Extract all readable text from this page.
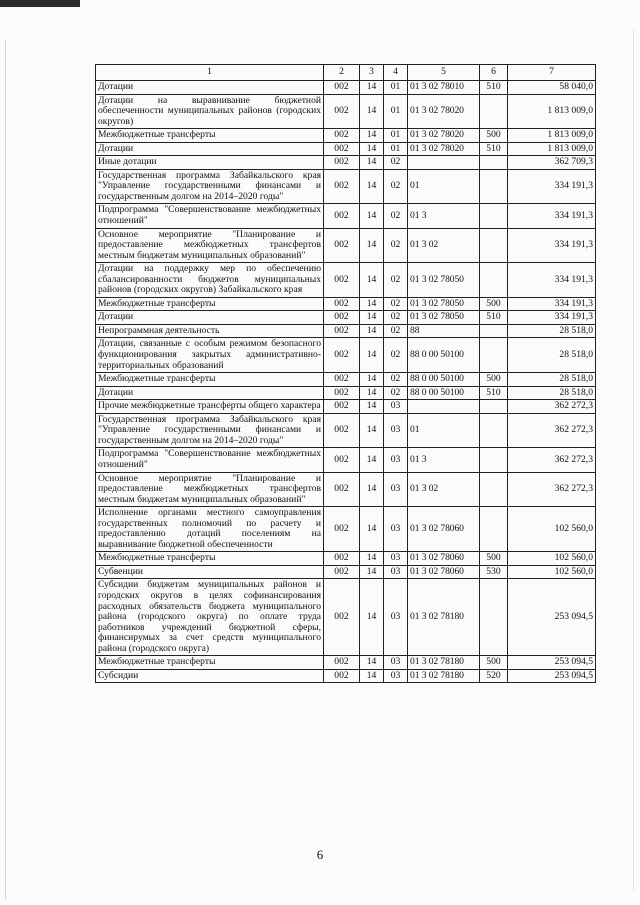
1	2	3	4	5	6	7
Дотации	002	14	01	01 3 02 78010	510	58 040,0
Дотации на выравнивание бюджетной обеспеченности муниципальных районов (городских округов)	002	14	01	01 3 02 78020		1 813 009,0
Межбюджетные трансферты	002	14	01	01 3 02 78020	500	1 813 009,0
Дотации	002	14	01	01 3 02 78020	510	1 813 009,0
Иные дотации	002	14	02			362 709,3
Государственная программа Забайкальского края "Управление государственными финансами и государственным долгом на 2014–2020 годы"	002	14	02	01		334 191,3
Подпрограмма "Совершенствование межбюджетных отношений"	002	14	02	01 3		334 191,3
Основное мероприятие "Планирование и предоставление межбюджетных трансфертов местным бюджетам муниципальных образований"	002	14	02	01 3 02		334 191,3
Дотации на поддержку мер по обеспечению сбалансированности бюджетов муниципальных районов (городских округов) Забайкальского края	002	14	02	01 3 02 78050		334 191,3
Межбюджетные трансферты	002	14	02	01 3 02 78050	500	334 191,3
Дотации	002	14	02	01 3 02 78050	510	334 191,3
Непрограммная деятельность	002	14	02	88		28 518,0
Дотации, связанные с особым режимом безопасного функционирования закрытых административно-территориальных образований	002	14	02	88 0 00 50100		28 518,0
Межбюджетные трансферты	002	14	02	88 0 00 50100	500	28 518,0
Дотации	002	14	02	88 0 00 50100	510	28 518,0
Прочие межбюджетные трансферты общего характера	002	14	03			362 272,3
Государственная программа Забайкальского края "Управление государственными финансами и государственным долгом на 2014–2020 годы"	002	14	03	01		362 272,3
Подпрограмма "Совершенствование межбюджетных отношений"	002	14	03	01 3		362 272,3
Основное мероприятие "Планирование и предоставление межбюджетных трансфертов местным бюджетам муниципальных образований"	002	14	03	01 3 02		362 272,3
Исполнение органами местного самоуправления государственных полномочий по расчету и предоставлению дотаций поселениям на выравнивание бюджетной обеспеченности	002	14	03	01 3 02 78060		102 560,0
Межбюджетные трансферты	002	14	03	01 3 02 78060	500	102 560,0
Субвенции	002	14	03	01 3 02 78060	530	102 560,0
Субсидии бюджетам муниципальных районов и городских округов в целях софинансирования расходных обязательств бюджета муниципального района (городского округа) по оплате труда работников учреждений бюджетной сферы, финансирумых за счет средств муниципального района (городского округа)	002	14	03	01 3 02 78180		253 094,5
Межбюджетные трансферты	002	14	03	01 3 02 78180	500	253 094,5
Субсидии	002	14	03	01 3 02 78180	520	253 094,5
6
